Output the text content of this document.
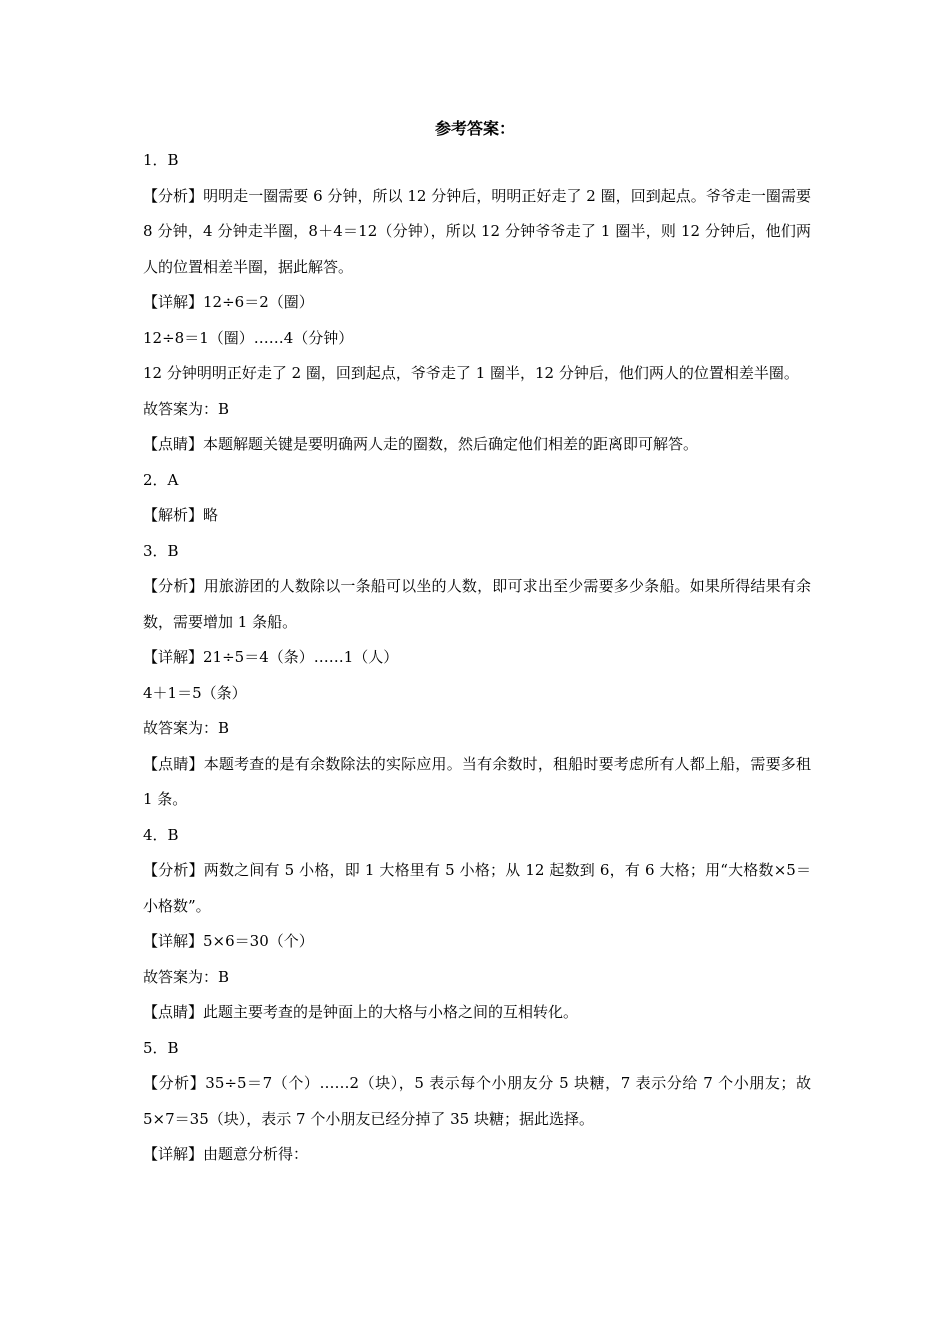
参考答案：
1．B
【分析】明明走一圈需要 6 分钟，所以 12 分钟后，明明正好走了 2 圈，回到起点。爷爷走一圈需要 8 分钟，4 分钟走半圈，8＋4＝12（分钟），所以 12 分钟爷爷走了 1 圈半，则 12 分钟后，他们两人的位置相差半圈，据此解答。
【详解】12÷6＝2（圈）
12÷8＝1（圈）……4（分钟）
12 分钟明明正好走了 2 圈，回到起点，爷爷走了 1 圈半，12 分钟后，他们两人的位置相差半圈。
故答案为：B
【点睛】本题解题关键是要明确两人走的圈数，然后确定他们相差的距离即可解答。
2．A
【解析】略
3．B
【分析】用旅游团的人数除以一条船可以坐的人数，即可求出至少需要多少条船。如果所得结果有余数，需要增加 1 条船。
【详解】21÷5＝4（条）……1（人）
4＋1＝5（条）
故答案为：B
【点睛】本题考查的是有余数除法的实际应用。当有余数时，租船时要考虑所有人都上船，需要多租 1 条。
4．B
【分析】两数之间有 5 小格，即 1 大格里有 5 小格；从 12 起数到 6，有 6 大格；用“大格数×5＝小格数”。
【详解】5×6＝30（个）
故答案为：B
【点睛】此题主要考查的是钟面上的大格与小格之间的互相转化。
5．B
【分析】35÷5＝7（个）……2（块），5 表示每个小朋友分 5 块糖，7 表示分给 7 个小朋友；故 5×7＝35（块），表示 7 个小朋友已经分掉了 35 块糖；据此选择。
【详解】由题意分析得：
